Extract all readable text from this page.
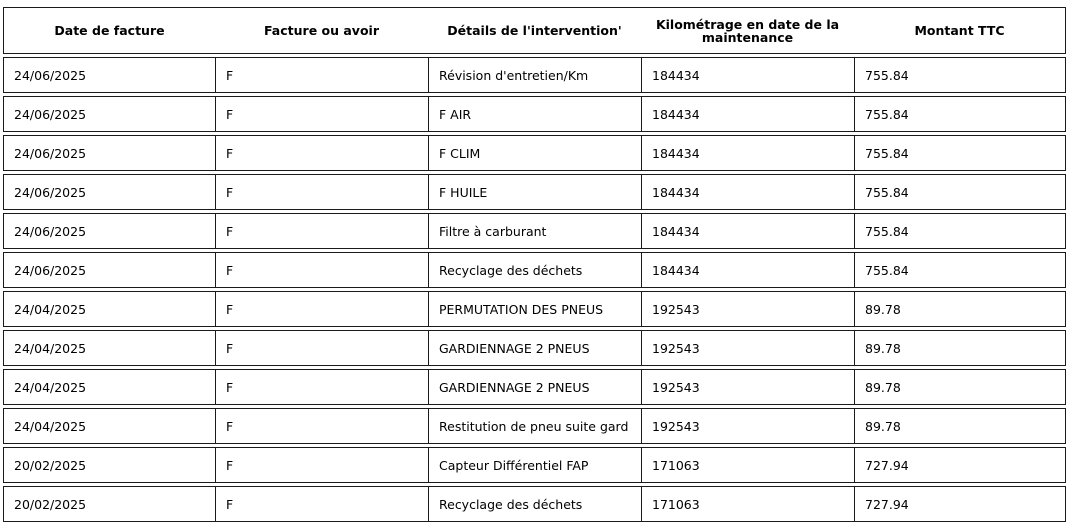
Date de facture	Facture ou avoir	Détails de l'intervention'	Kilométrage en date de la maintenance	Montant TTC
24/06/2025	F	Révision d'entretien/Km	184434	755.84
24/06/2025	F	F AIR	184434	755.84
24/06/2025	F	F CLIM	184434	755.84
24/06/2025	F	F HUILE	184434	755.84
24/06/2025	F	Filtre à carburant	184434	755.84
24/06/2025	F	Recyclage des déchets	184434	755.84
24/04/2025	F	PERMUTATION DES PNEUS	192543	89.78
24/04/2025	F	GARDIENNAGE 2 PNEUS	192543	89.78
24/04/2025	F	GARDIENNAGE 2 PNEUS	192543	89.78
24/04/2025	F	Restitution de pneu suite gard	192543	89.78
20/02/2025	F	Capteur Différentiel FAP	171063	727.94
20/02/2025	F	Recyclage des déchets	171063	727.94
